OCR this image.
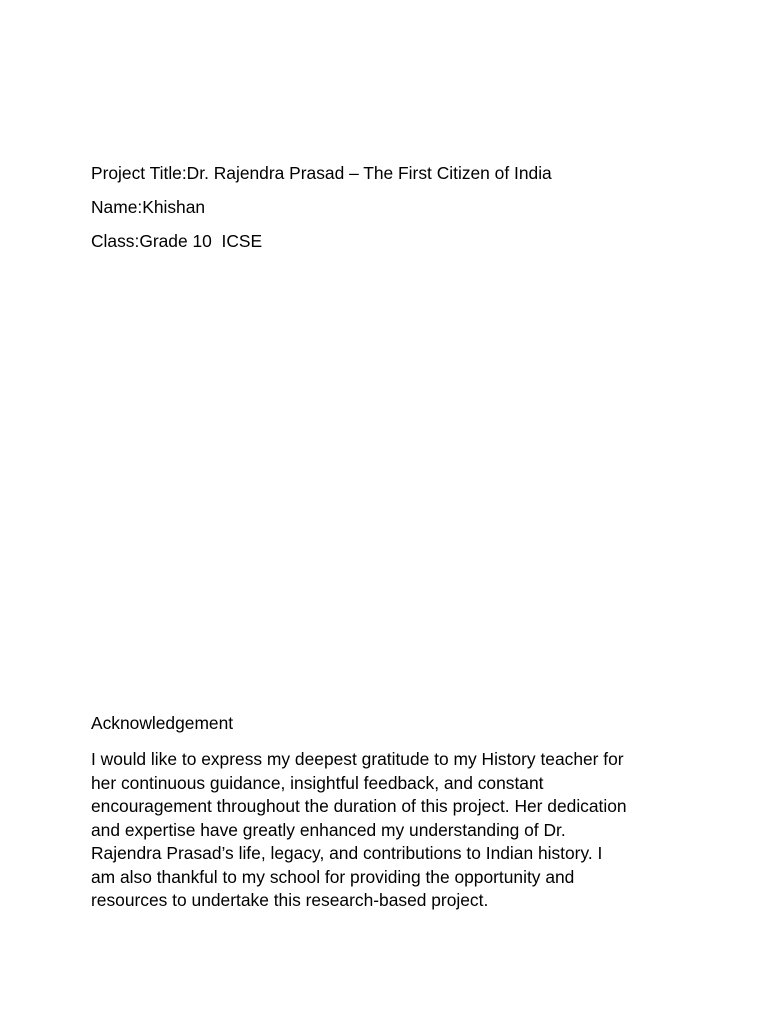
Project Title:Dr. Rajendra Prasad – The First Citizen of India
Name:Khishan
Class:Grade 10  ICSE
Acknowledgement
I would like to express my deepest gratitude to my History teacher for
her continuous guidance, insightful feedback, and constant
encouragement throughout the duration of this project. Her dedication
and expertise have greatly enhanced my understanding of Dr.
Rajendra Prasad’s life, legacy, and contributions to Indian history. I
am also thankful to my school for providing the opportunity and
resources to undertake this research-based project.
